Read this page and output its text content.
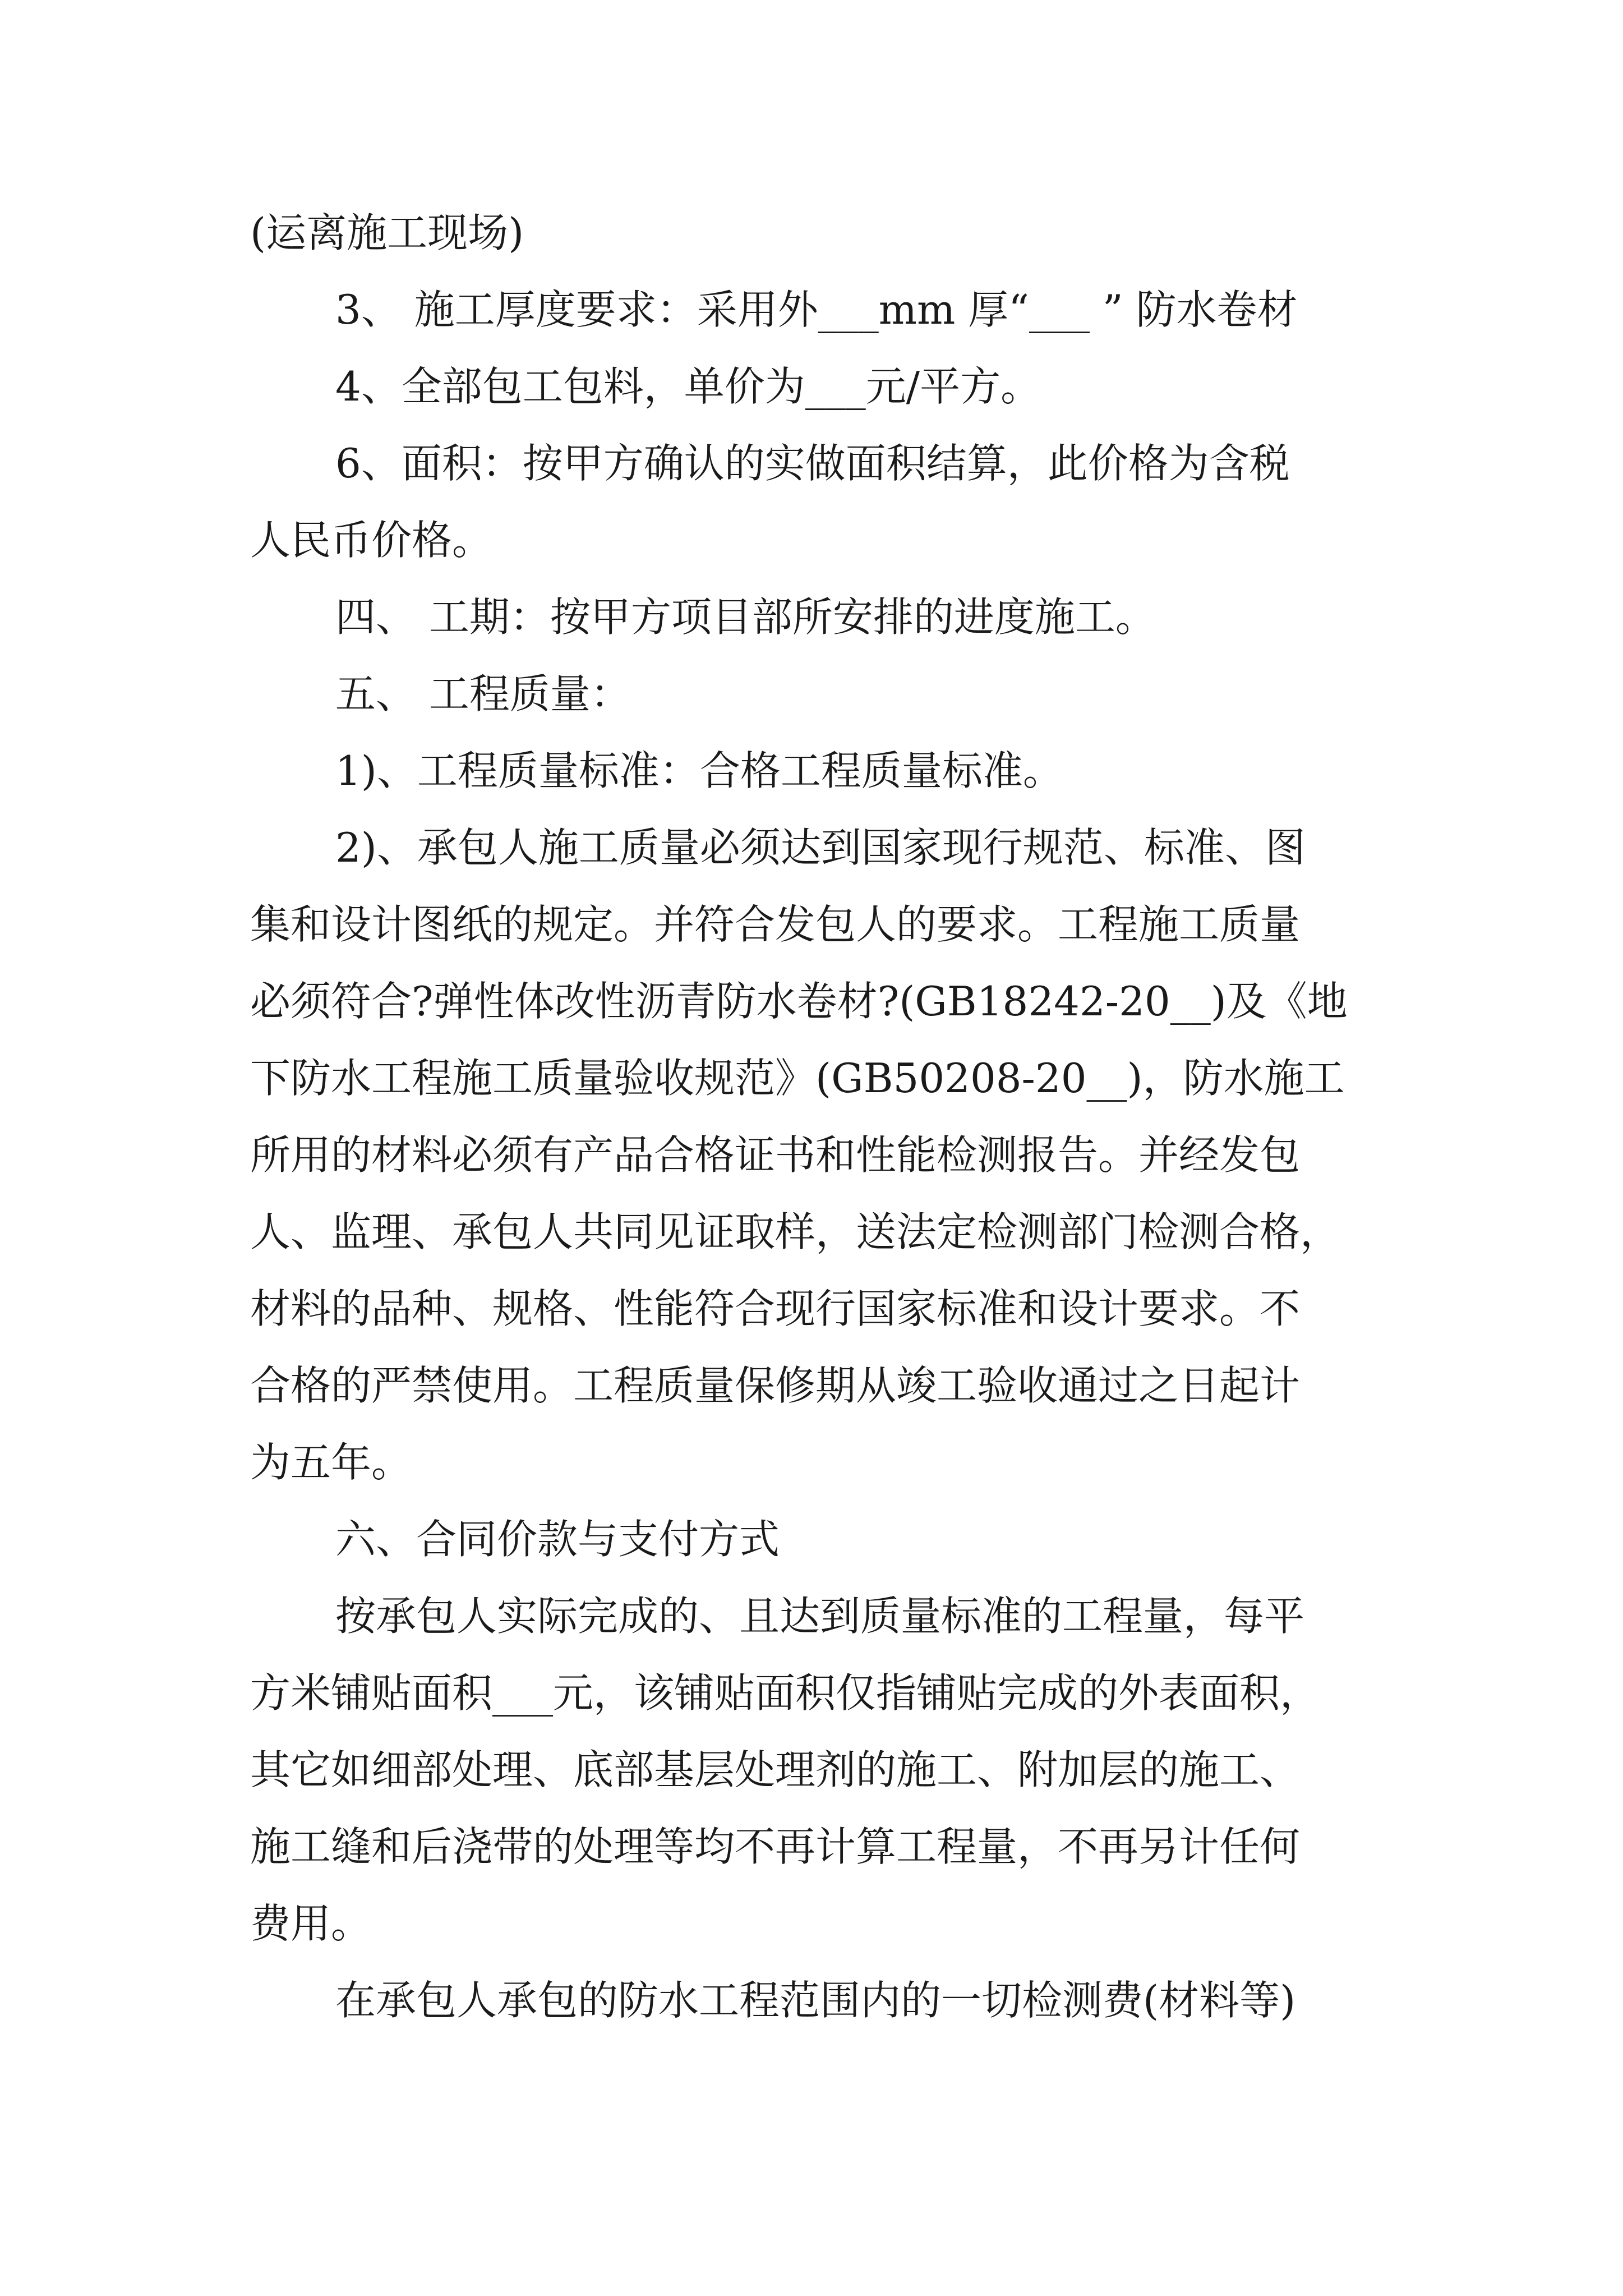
(运离施工现场)
3、 施工厚度要求：采用外___mm 厚“___ ” 防水卷材
4、全部包工包料，单价为___元/平方。
6、面积：按甲方确认的实做面积结算，此价格为含税
人民币价格。
四、 工期：按甲方项目部所安排的进度施工。
五、 工程质量：
1)、工程质量标准：合格工程质量标准。
2)、承包人施工质量必须达到国家现行规范、标准、图
集和设计图纸的规定。并符合发包人的要求。工程施工质量
必须符合?弹性体改性沥青防水卷材?(GB18242-20__)及《地
下防水工程施工质量验收规范》(GB50208-20__)，防水施工
所用的材料必须有产品合格证书和性能检测报告。并经发包
人、监理、承包人共同见证取样，送法定检测部门检测合格，
材料的品种、规格、性能符合现行国家标准和设计要求。不
合格的严禁使用。工程质量保修期从竣工验收通过之日起计
为五年。
六、合同价款与支付方式
按承包人实际完成的、且达到质量标准的工程量，每平
方米铺贴面积___元，该铺贴面积仅指铺贴完成的外表面积，
其它如细部处理、底部基层处理剂的施工、附加层的施工、
施工缝和后浇带的处理等均不再计算工程量，不再另计任何
费用。
在承包人承包的防水工程范围内的一切检测费(材料等)
